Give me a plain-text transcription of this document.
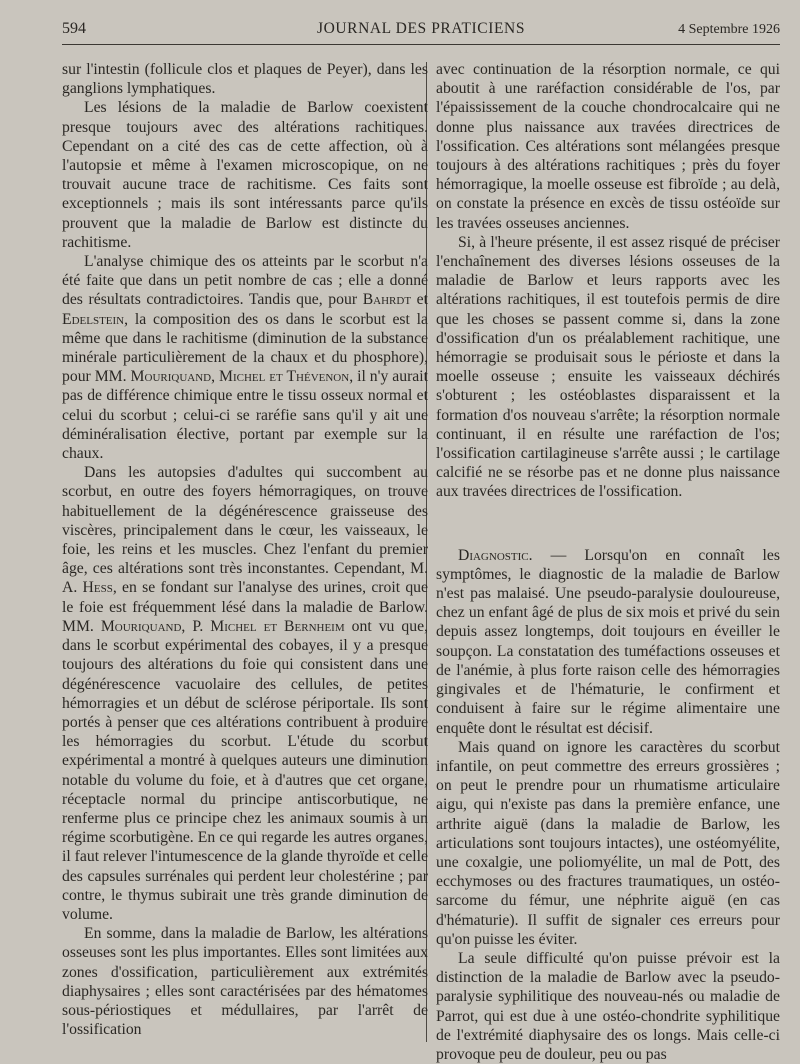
594	JOURNAL DES PRATICIENS	4 Septembre 1926

sur l'intestin (follicule clos et plaques de Peyer), dans les ganglions lymphatiques.

Les lésions de la maladie de Barlow coexistent presque toujours avec des altérations rachitiques. Cependant on a cité des cas de cette affection, où à l'autopsie et même à l'examen microscopique, on ne trouvait aucune trace de rachitisme. Ces faits sont exceptionnels ; mais ils sont intéressants parce qu'ils prouvent que la maladie de Barlow est distincte du rachitisme.

L'analyse chimique des os atteints par le scorbut n'a été faite que dans un petit nombre de cas ; elle a donné des résultats contradictoires. Tandis que, pour Bahrdt et Edelstein, la composition des os dans le scorbut est la même que dans le rachitisme (diminution de la substance minérale particulièrement de la chaux et du phosphore), pour MM. Mouriquand, Michel et Thévenon, il n'y aurait pas de différence chimique entre le tissu osseux normal et celui du scorbut ; celui-ci se raréfie sans qu'il y ait une déminéralisation élective, portant par exemple sur la chaux.

Dans les autopsies d'adultes qui succombent au scorbut, en outre des foyers hémorragiques, on trouve habituellement de la dégénérescence graisseuse des viscères, principalement dans le cœur, les vaisseaux, le foie, les reins et les muscles. Chez l'enfant du premier âge, ces altérations sont très inconstantes. Cependant, M. A. Hess, en se fondant sur l'analyse des urines, croit que le foie est fréquemment lésé dans la maladie de Barlow. MM. Mouriquand, P. Michel et Bernheim ont vu que, dans le scorbut expérimental des cobayes, il y a presque toujours des altérations du foie qui consistent dans une dégénérescence vacuolaire des cellules, de petites hémorragies et un début de sclérose périportale. Ils sont portés à penser que ces altérations contribuent à produire les hémorragies du scorbut. L'étude du scorbut expérimental a montré à quelques auteurs une diminution notable du volume du foie, et à d'autres que cet organe, réceptacle normal du principe antiscorbutique, ne renferme plus ce principe chez les animaux soumis à un régime scorbutigène. En ce qui regarde les autres organes, il faut relever l'intumescence de la glande thyroïde et celle des capsules surrénales qui perdent leur cholestérine ; par contre, le thymus subirait une très grande diminution de volume.

En somme, dans la maladie de Barlow, les altérations osseuses sont les plus importantes. Elles sont limitées aux zones d'ossification, particulièrement aux extrémités diaphysaires ; elles sont caractérisées par des hématomes sous-périostiques et médullaires, par l'arrêt de l'ossification

avec continuation de la résorption normale, ce qui aboutit à une raréfaction considérable de l'os, par l'épaississement de la couche chondrocalcaire qui ne donne plus naissance aux travées directrices de l'ossification. Ces altérations sont mélangées presque toujours à des altérations rachitiques ; près du foyer hémorragique, la moelle osseuse est fibroïde ; au delà, on constate la présence en excès de tissu ostéoïde sur les travées osseuses anciennes.

Si, à l'heure présente, il est assez risqué de préciser l'enchaînement des diverses lésions osseuses de la maladie de Barlow et leurs rapports avec les altérations rachitiques, il est toutefois permis de dire que les choses se passent comme si, dans la zone d'ossification d'un os préalablement rachitique, une hémorragie se produisait sous le périoste et dans la moelle osseuse ; ensuite les vaisseaux déchirés s'obturent ; les ostéoblastes disparaissent et la formation d'os nouveau s'arrête; la résorption normale continuant, il en résulte une raréfaction de l'os; l'ossification cartilagineuse s'arrête aussi ; le cartilage calcifié ne se résorbe pas et ne donne plus naissance aux travées directrices de l'ossification.

Diagnostic. — Lorsqu'on en connaît les symptômes, le diagnostic de la maladie de Barlow n'est pas malaisé. Une pseudo-paralysie douloureuse, chez un enfant âgé de plus de six mois et privé du sein depuis assez longtemps, doit toujours en éveiller le soupçon. La constatation des tuméfactions osseuses et de l'anémie, à plus forte raison celle des hémorragies gingivales et de l'hématurie, le confirment et conduisent à faire sur le régime alimentaire une enquête dont le résultat est décisif.

Mais quand on ignore les caractères du scorbut infantile, on peut commettre des erreurs grossières ; on peut le prendre pour un rhumatisme articulaire aigu, qui n'existe pas dans la première enfance, une arthrite aiguë (dans la maladie de Barlow, les articulations sont toujours intactes), une ostéomyélite, une coxalgie, une poliomyélite, un mal de Pott, des ecchymoses ou des fractures traumatiques, un ostéo-sarcome du fémur, une néphrite aiguë (en cas d'hématurie). Il suffit de signaler ces erreurs pour qu'on puisse les éviter.

La seule difficulté qu'on puisse prévoir est la distinction de la maladie de Barlow avec la pseudo-paralysie syphilitique des nouveau-nés ou maladie de Parrot, qui est due à une ostéo-chondrite syphilitique de l'extrémité diaphysaire des os longs. Mais celle-ci provoque peu de douleur, peu ou pas
